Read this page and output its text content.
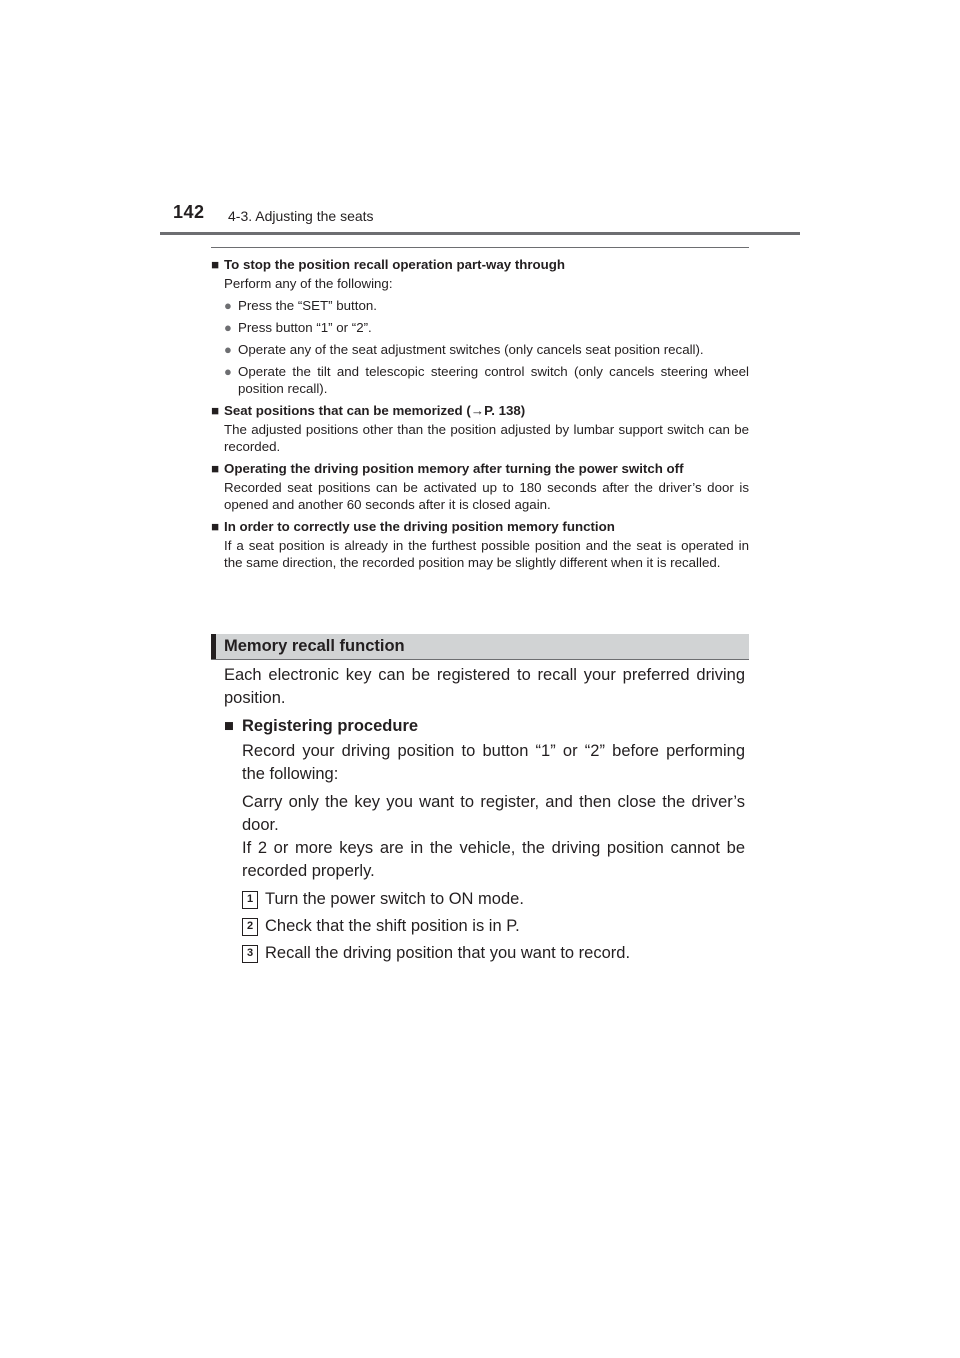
142 4-3. Adjusting the seats
■ To stop the position recall operation part-way through
Perform any of the following:
● Press the “SET” button.
● Press button “1” or “2”.
● Operate any of the seat adjustment switches (only cancels seat position recall).
● Operate the tilt and telescopic steering control switch (only cancels steering wheel position recall).
■ Seat positions that can be memorized (→P. 138)
The adjusted positions other than the position adjusted by lumbar support switch can be recorded.
■ Operating the driving position memory after turning the power switch off
Recorded seat positions can be activated up to 180 seconds after the driver’s door is opened and another 60 seconds after it is closed again.
■ In order to correctly use the driving position memory function
If a seat position is already in the furthest possible position and the seat is operated in the same direction, the recorded position may be slightly different when it is recalled.
Memory recall function
Each electronic key can be registered to recall your preferred driving position.
■ Registering procedure
Record your driving position to button “1” or “2” before performing the following:
Carry only the key you want to register, and then close the driver’s door.
If 2 or more keys are in the vehicle, the driving position cannot be recorded properly.
1 Turn the power switch to ON mode.
2 Check that the shift position is in P.
3 Recall the driving position that you want to record.
